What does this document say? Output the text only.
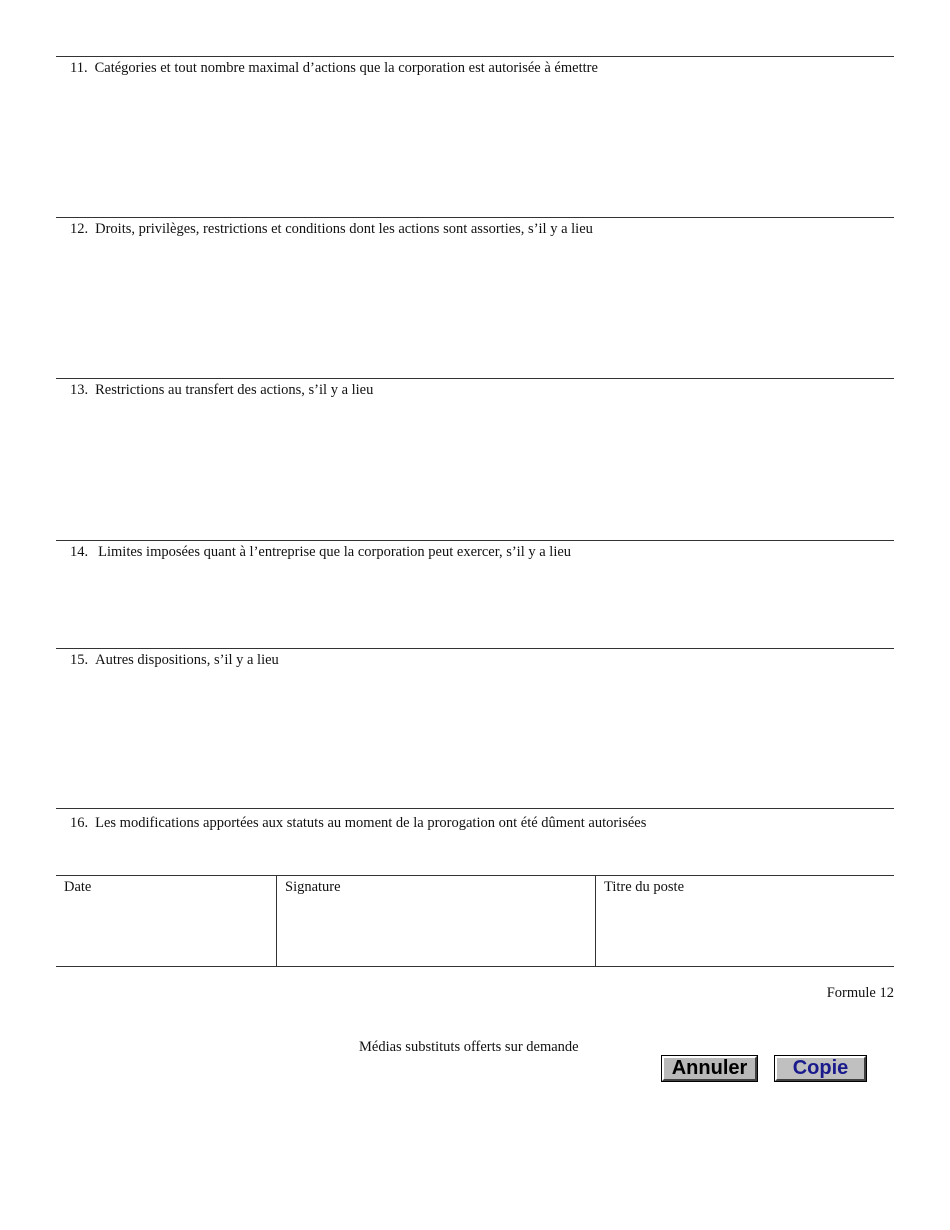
11. Catégories et tout nombre maximal d’actions que la corporation est autorisée à émettre
12. Droits, privilèges, restrictions et conditions dont les actions sont assorties, s’il y a lieu
13. Restrictions au transfert des actions, s’il y a lieu
14. Limites imposées quant à l’entreprise que la corporation peut exercer, s’il y a lieu
15. Autres dispositions, s’il y a lieu
16. Les modifications apportées aux statuts au moment de la prorogation ont été dûment autorisées
Date	Signature	Titre du poste
Formule 12
Médias substituts offerts sur demande
Annuler	Copie
